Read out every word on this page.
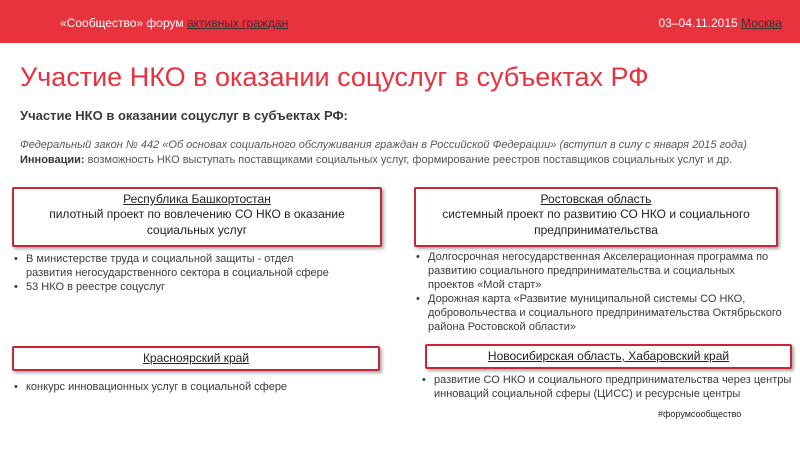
«Сообщество» форум активных граждан	03–04.11.2015 Москва
Участие НКО в оказании соцуслуг в субъектах РФ
Участие НКО в оказании соцуслуг в субъектах РФ:
Федеральный закон № 442 «Об основах социального обслуживания граждан в Российской Федерации» (вступил в силу с января 2015 года) Инновации: возможность НКО выступать поставщиками социальных услуг, формирование реестров поставщиков социальных услуг и др.
Республика Башкортостан
пилотный проект по вовлечению СО НКО в оказание социальных услуг
• В министерстве труда и социальной защиты - отдел развития негосударственного сектора в социальной сфере
• 53 НКО в реестре соцуслуг
Ростовская область
системный проект по развитию СО НКО и социального предпринимательства
• Долгосрочная негосударственная Акселерационная программа по развитию социального предпринимательства и социальных проектов «Мой старт»
• Дорожная карта «Развитие муниципальной системы СО НКО, добровольчества и социального предпринимательства Октябрьского района Ростовской области»
Красноярский край
• конкурс инновационных услуг в социальной сфере
Новосибирская область, Хабаровский край
• развитие СО НКО и социального предпринимательства через центры инноваций социальной сферы (ЦИСС) и ресурсные центры
#форумсообщество
